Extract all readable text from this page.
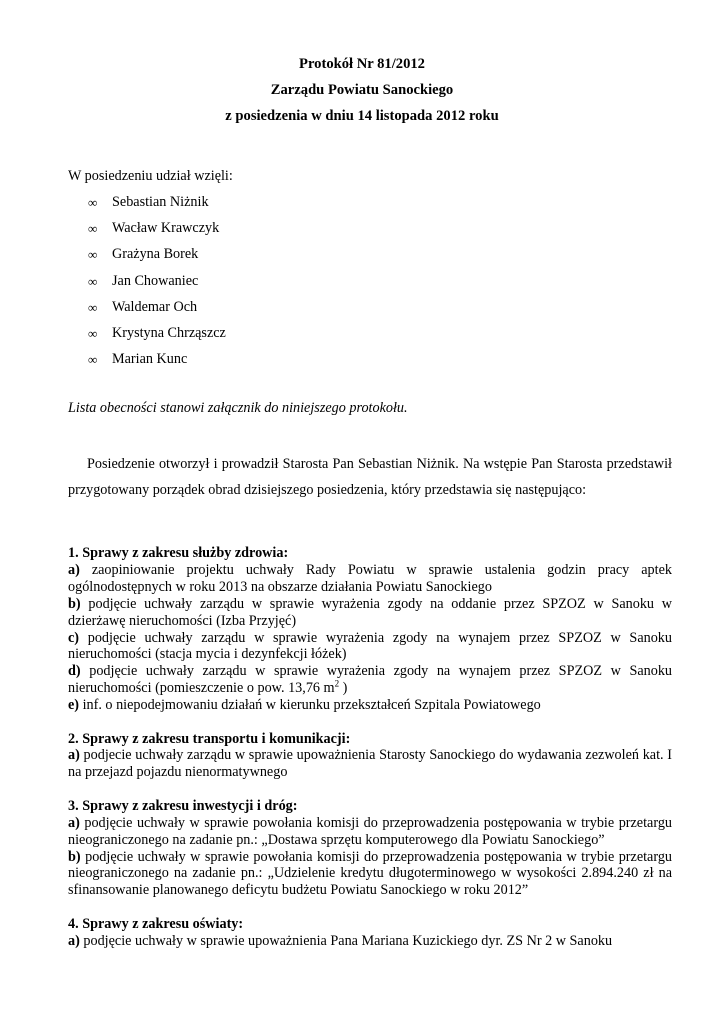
Protokół Nr 81/2012
Zarządu Powiatu Sanockiego
z posiedzenia w dniu 14 listopada 2012 roku
W posiedzeniu udział wzięli:
∞	Sebastian Niżnik
∞	Wacław Krawczyk
∞	Grażyna Borek
∞	Jan Chowaniec
∞	Waldemar Och
∞	Krystyna Chrząszcz
∞	Marian Kunc
Lista obecności stanowi załącznik do niniejszego protokołu.

Posiedzenie otworzył i prowadził Starosta Pan Sebastian Niżnik. Na wstępie Pan Starosta przedstawił przygotowany porządek obrad dzisiejszego posiedzenia, który przedstawia się następująco:

1. Sprawy z zakresu służby zdrowia:
a) zaopiniowanie projektu uchwały Rady Powiatu w sprawie ustalenia godzin pracy aptek ogólnodostępnych w roku 2013 na obszarze działania Powiatu Sanockiego
b) podjęcie uchwały zarządu w sprawie wyrażenia zgody na oddanie przez SPZOZ w Sanoku w dzierżawę nieruchomości (Izba Przyjęć)
c) podjęcie uchwały zarządu w sprawie wyrażenia zgody na wynajem przez SPZOZ w Sanoku nieruchomości (stacja mycia i dezynfekcji łóżek)
d) podjęcie uchwały zarządu w sprawie wyrażenia zgody na wynajem przez SPZOZ w Sanoku nieruchomości (pomieszczenie o pow. 13,76 $m^2$ )
e) inf. o niepodejmowaniu działań w kierunku przekształceń Szpitala Powiatowego
2. Sprawy z zakresu transportu i komunikacji:
a) podjecie uchwały zarządu w sprawie upoważnienia Starosty Sanockiego do wydawania zezwoleń kat. I na przejazd pojazdu nienormatywnego
3. Sprawy z zakresu inwestycji i dróg:
a) podjęcie uchwały w sprawie powołania komisji do przeprowadzenia postępowania w trybie przetargu nieograniczonego na zadanie pn.: „Dostawa sprzętu komputerowego dla Powiatu Sanockiego”
b) podjęcie uchwały w sprawie powołania komisji do przeprowadzenia postępowania w trybie przetargu nieograniczonego na zadanie pn.: „Udzielenie kredytu długoterminowego w wysokości 2.894.240 zł na sfinansowanie planowanego deficytu budżetu Powiatu Sanockiego w roku 2012”
4. Sprawy z zakresu oświaty:
a) podjęcie uchwały w sprawie upoważnienia Pana Mariana Kuzickiego dyr. ZS Nr 2 w Sanoku
